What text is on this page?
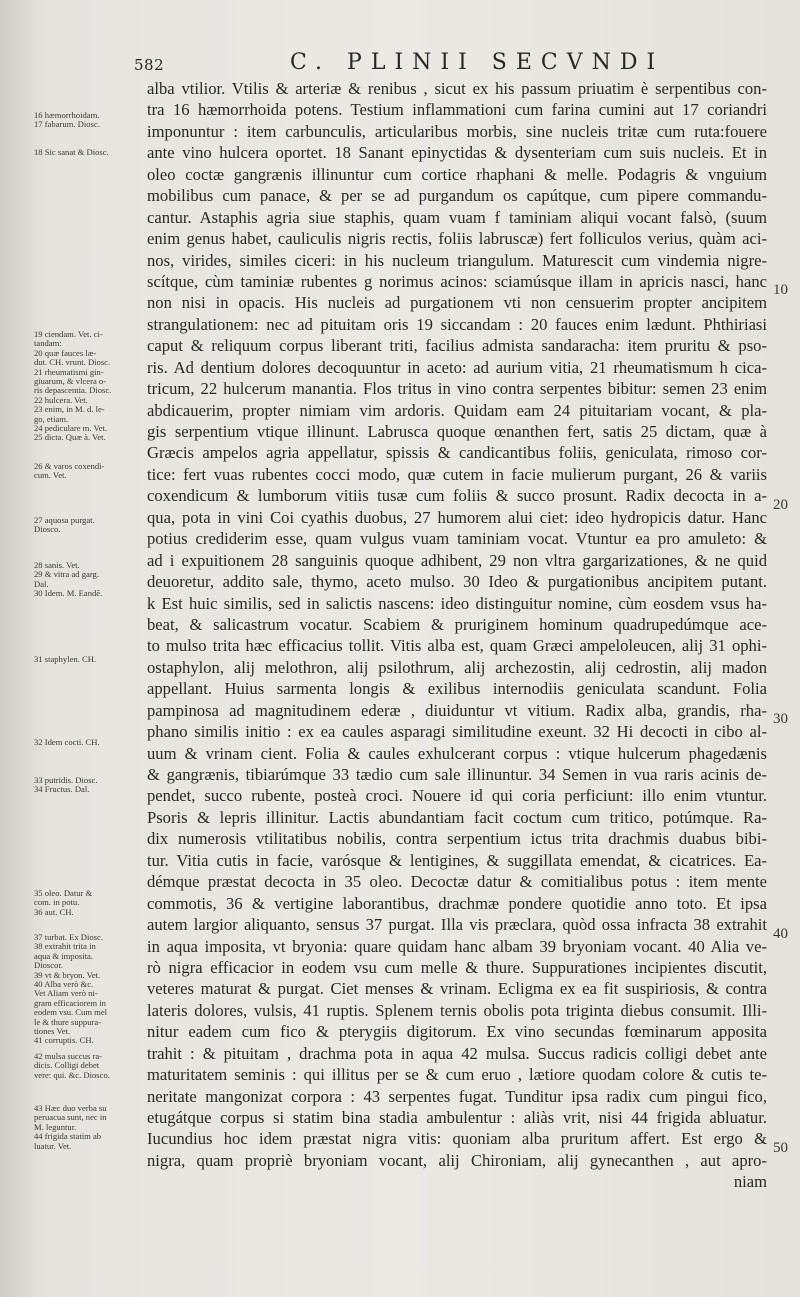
582	C. PLINII SECVNDI
alba vtilior. Vtilis & arteriæ & renibus , sicut ex his passum priuatim è serpentibus con-
tra 16 hæmorrhoida potens. Testium inflammationi cum farina cumini aut 17 coriandri
imponuntur : item carbunculis, articularibus morbis, sine nucleis tritæ cum ruta:fouere
ante vino hulcera oportet. 18 Sanant epinyctidas & dysenteriam cum suis nucleis. Et in
oleo coctæ gangrænis illinuntur cum cortice rhaphani & melle. Podagris & vnguium
mobilibus cum panace, & per se ad purgandum os capútque, cum pipere commandu-
cantur. Astaphis agria siue staphis, quam vuam f taminiam aliqui vocant falsò, (suum
enim genus habet, cauliculis nigris rectis, foliis labruscæ) fert folliculos verius, quàm aci-
nos, virides, similes ciceri: in his nucleum triangulum. Maturescit cum vindemia nigre-
scítque, cùm taminiæ rubentes g norimus acinos: sciamúsque illam in apricis nasci, hanc
non nisi in opacis. His nucleis ad purgationem vti non censuerim propter ancipitem
strangulationem: nec ad pituitam oris 19 siccandam : 20 fauces enim lædunt. Phthiriasi
caput & reliquum corpus liberant triti, facilius admista sandaracha: item pruritu & pso-
ris. Ad dentium dolores decoquuntur in aceto: ad aurium vitia, 21 rheumatismum h cica-
tricum, 22 hulcerum manantia. Flos tritus in vino contra serpentes bibitur: semen 23 enim
abdicauerim, propter nimiam vim ardoris. Quidam eam 24 pituitariam vocant, & pla-
gis serpentium vtique illinunt. Labrusca quoque œnanthen fert, satis 25 dictam, quæ à
Græcis ampelos agria appellatur, spissis & candicantibus foliis, geniculata, rimoso cor-
tice: fert vuas rubentes cocci modo, quæ cutem in facie mulierum purgant, 26 & variis
coxendicum & lumborum vitiis tusæ cum foliis & succo prosunt. Radix decocta in a-
qua, pota in vini Coi cyathis duobus, 27 humorem alui ciet: ideo hydropicis datur. Hanc
potius crediderim esse, quam vulgus vuam taminiam vocat. Vtuntur ea pro amuleto: &
ad i expuitionem 28 sanguinis quoque adhibent, 29 non vltra gargarizationes, & ne quid
deuoretur, addito sale, thymo, aceto mulso. 30 Ideo & purgationibus ancipitem putant.
k Est huic similis, sed in salictis nascens: ideo distinguitur nomine, cùm eosdem vsus ha-
beat, & salicastrum vocatur. Scabiem & pruriginem hominum quadrupedúmque ace-
to mulso trita hæc efficacius tollit. Vitis alba est, quam Græci ampeloleucen, alij 31 ophi-
ostaphylon, alij melothron, alij psilothrum, alij archezostin, alij cedrostin, alij madon
appellant. Huius sarmenta longis & exilibus internodiis geniculata scandunt. Folia
pampinosa ad magnitudinem ederæ , diuiduntur vt vitium. Radix alba, grandis, rha-
phano similis initio : ex ea caules asparagi similitudine exeunt. 32 Hi decocti in cibo al-
uum & vrinam cient. Folia & caules exhulcerant corpus : vtique hulcerum phagedænis
& gangrænis, tibiarúmque 33 tædio cum sale illinuntur. 34 Semen in vua raris acinis de-
pendet, succo rubente, posteà croci. Nouere id qui coria perficiunt: illo enim vtuntur.
Psoris & lepris illinitur. Lactis abundantiam facit coctum cum tritico, potúmque. Ra-
dix numerosis vtilitatibus nobilis, contra serpentium ictus trita drachmis duabus bibi-
tur. Vitia cutis in facie, varósque & lentigines, & suggillata emendat, & cicatrices. Ea-
démque præstat decocta in 35 oleo. Decoctæ datur & comitialibus potus : item mente
commotis, 36 & vertigine laborantibus, drachmæ pondere quotidie anno toto. Et ipsa
autem largior aliquanto, sensus 37 purgat. Illa vis præclara, quòd ossa infracta 38 extrahit
in aqua imposita, vt bryonia: quare quidam hanc albam 39 bryoniam vocant. 40 Alia ve-
rò nigra efficacior in eodem vsu cum melle & thure. Suppurationes incipientes discutit,
veteres maturat & purgat. Ciet menses & vrinam. Ecligma ex ea fit suspiriosis, & contra
lateris dolores, vulsis, 41 ruptis. Splenem ternis obolis pota triginta diebus consumit. Illi-
nitur eadem cum fico & pterygiis digitorum. Ex vino secundas fœminarum apposita
trahit : & pituitam , drachma pota in aqua 42 mulsa. Succus radicis colligi debet ante
maturitatem seminis : qui illitus per se & cum eruo , lætiore quodam colore & cutis te-
neritate mangonizat corpora : 43 serpentes fugat. Tunditur ipsa radix cum pingui fico,
etugátque corpus si statim bina stadia ambulentur : aliàs vrit, nisi 44 frigida abluatur.
Iucundius hoc idem præstat nigra vitis: quoniam alba pruritum affert. Est ergo &
nigra, quam propriè bryoniam vocant, alij Chironiam, alij gynecanthen , aut apro-
niam
16 hæmorrhoidam.
17 fabarum. Diosc.
18 Sic sanat & Diosc.
19 ciendam. Vet. ci-
tandam:
20 quæ fauces læ-
dut. CH. vrunt. Diosc.
21 rheumatismi gin-
giuarum, & vlcera o-
ris depascentia. Diosc.
22 hulcera. Vet.
23 enim, in M. d. le-
go, etiam.
24 pediculare m. Vet.
25 dicta. Quæ à. Vet.
26 & varos coxendi-
cum. Vet.
27 aquosa purgat.
Diosco.
28 sanis. Vet.
29 & vitra ad garg.
Dal.
30 Idem. M. Eandē.
31 staphylen. CH.
32 Idem cocti. CH.
33 putridis. Diosc.
34 Fructus. Dal.
35 oleo. Datur &
com. in potu.
36 aut. CH.
37 turbat. Ex Diosc.
38 extrahit trita in
aqua & imposita.
Dioscor.
39 vt & bryon. Vet.
40 Alba verò &c.
Vet Aliam verò ni-
gram efficaciorem in
eodem vsu. Cum mel
le & thure suppura-
tiones Vet.
41 corruptis. CH.
42 mulsa succus ra-
dicis. Colligi debet
vere: qui. &c. Diosco.
43 Hæc duo verba su
peruacua sunt, nec in
M. leguntur.
44 frigida statim ab
luatur. Vet.
10
20
30
40
50
